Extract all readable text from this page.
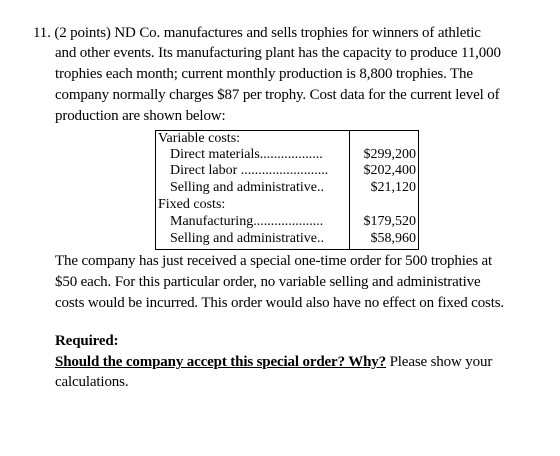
11. (2 points) ND Co. manufactures and sells trophies for winners of athletic
and other events. Its manufacturing plant has the capacity to produce 11,000
trophies each month; current monthly production is 8,800 trophies. The
company normally charges $87 per trophy. Cost data for the current level of
production are shown below:
Variable costs:
Direct materials..................	$299,200
Direct labor .........................	$202,400
Selling and administrative..	$21,120
Fixed costs:
Manufacturing....................	$179,520
Selling and administrative..	$58,960
The company has just received a special one-time order for 500 trophies at
$50 each. For this particular order, no variable selling and administrative
costs would be incurred. This order would also have no effect on fixed costs.
Required:
Should the company accept this special order? Why? Please show your
calculations.
